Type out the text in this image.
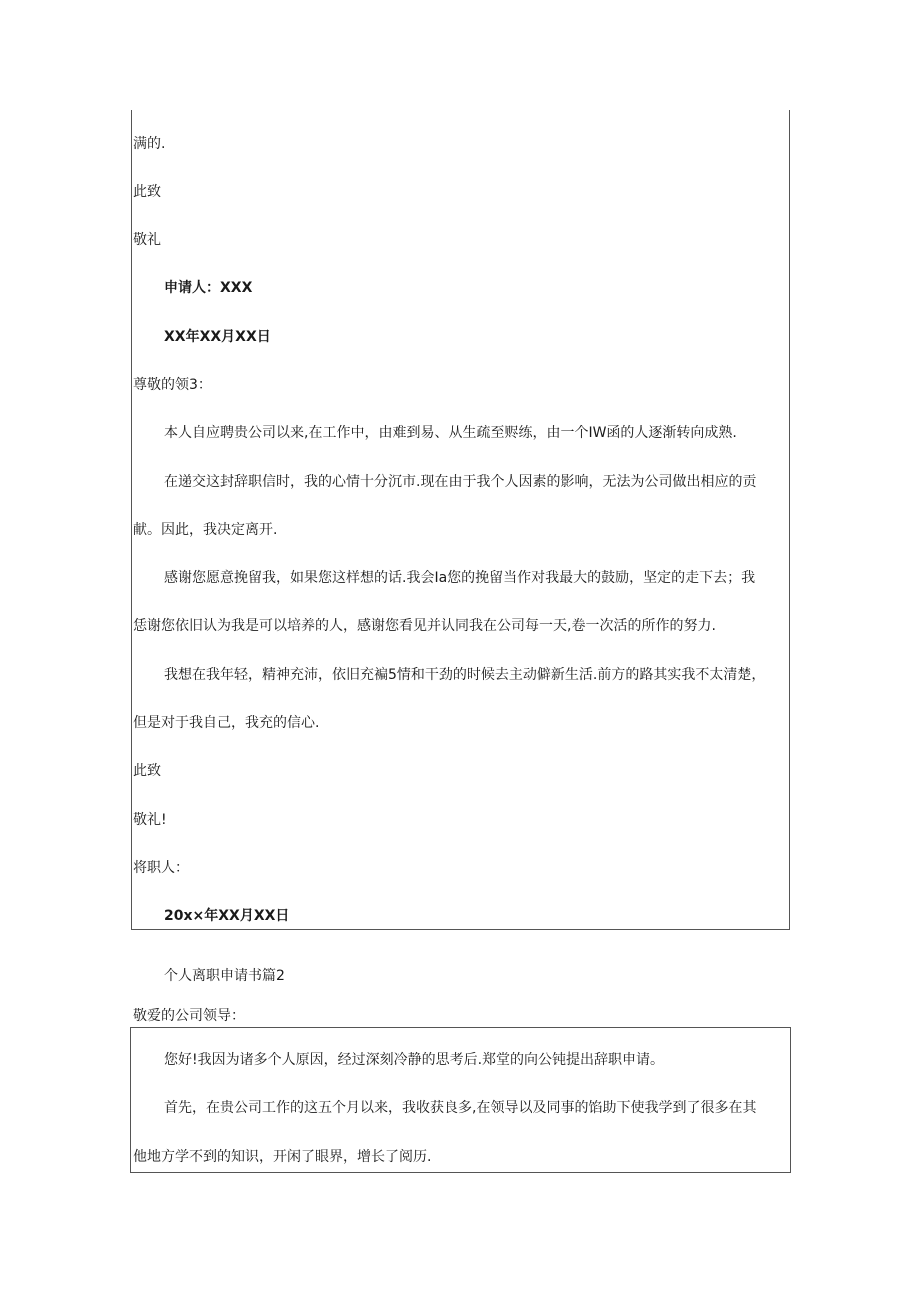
满的.

此致

敬礼

申请人：XXX

XX年XX月XX日

尊敬的领3：

本人自应聘贵公司以来,在工作中，由难到易、从生疏至赆练，由一个IW函的人逐渐转向成熟.

在递交这封辞职信时，我的心情十分沉市.现在由于我个人因素的影响，无法为公司做出相应的贡

献。因此，我决定离开.

感谢您愿意挽留我，如果您这样想的话.我会Ia您的挽留当作对我最大的鼓励，坚定的走下去；我

恁谢您依旧认为我是可以培养的人，感谢您看见并认同我在公司每一天,卷一次活的所作的努力.

我想在我年轻，精神充沛，依旧充褊5情和干劲的时候去主动僻新生活.前方的路其实我不太清楚，

但是对于我自己，我充的信心.

此致

敬礼!

将职人：

20x×年XX月XX日

个人离职申请书篇2

敬爱的公司领导：

您好!我因为诸多个人原因，经过深刻冷静的思考后.郑堂的向公钝提出辞职申请。

首先，在贵公司工作的这五个月以来，我收获良多,在领导以及同事的馅助下使我学到了很多在其

他地方学不到的知识，开闲了眼界，增长了阅历.
